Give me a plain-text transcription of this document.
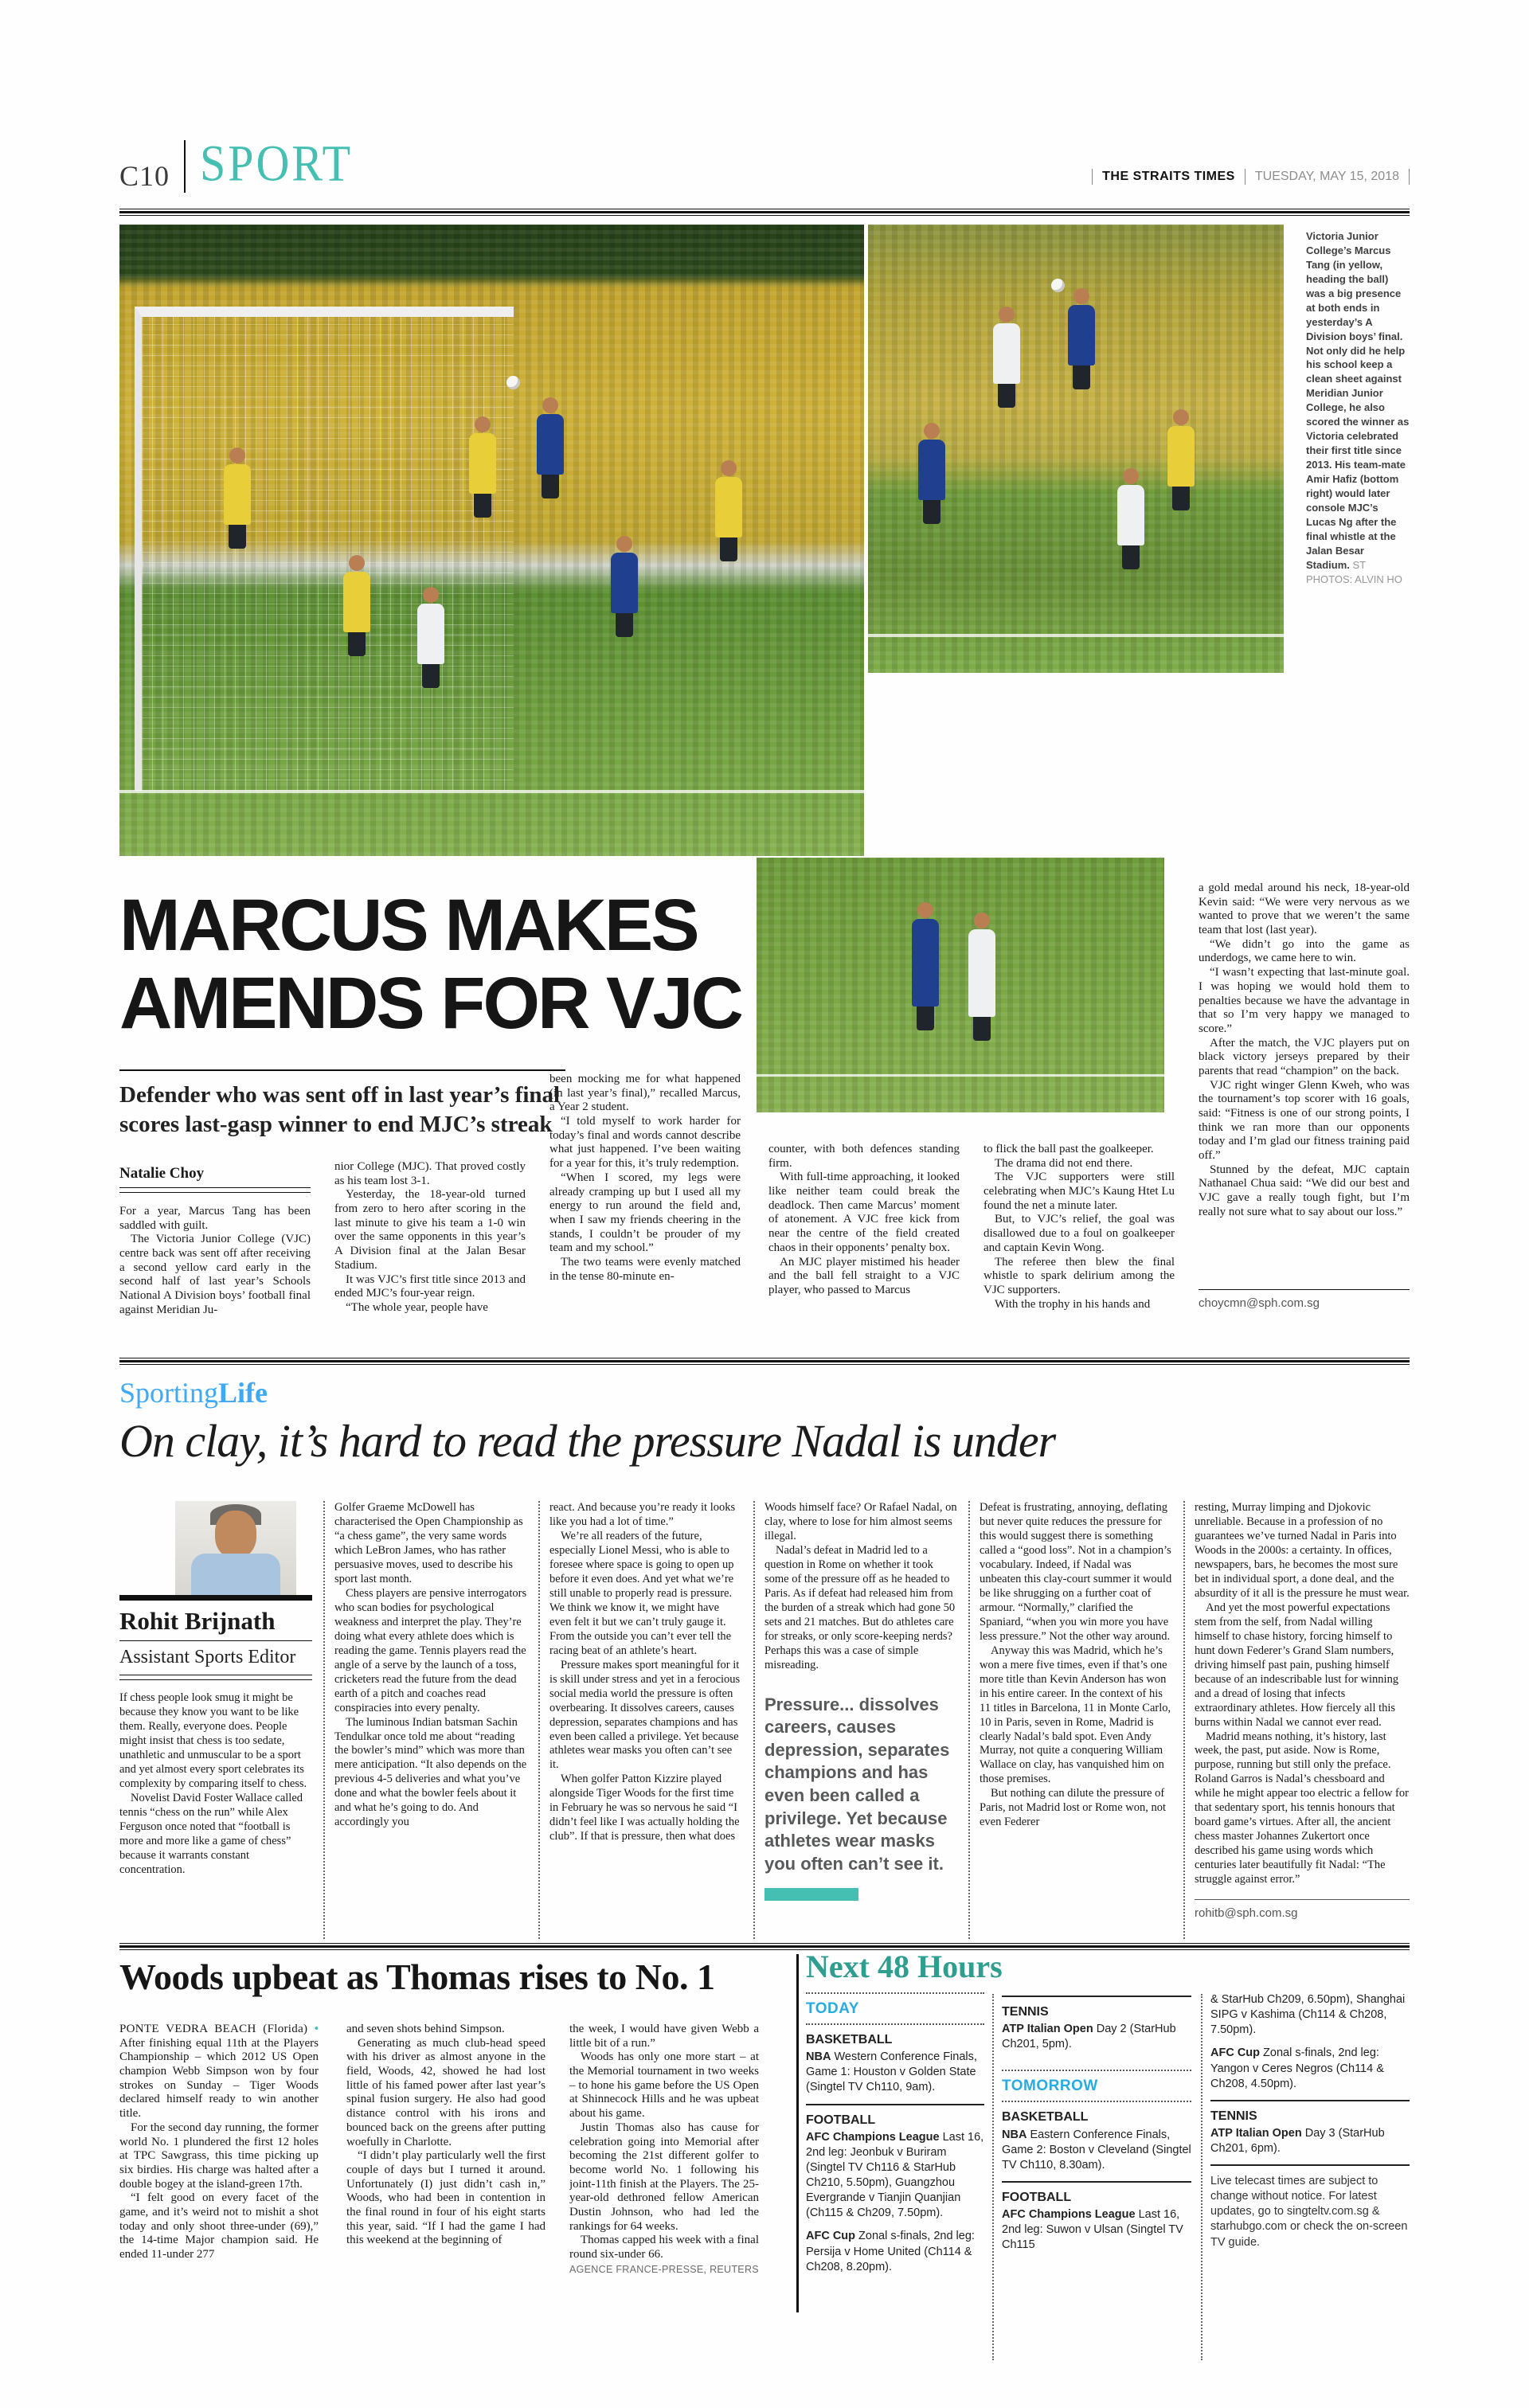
C10 SPORT	THE STRAITS TIMES TUESDAY, MAY 15, 2018
Victoria Junior College’s Marcus Tang (in yellow, heading the ball) was a big presence at both ends in yesterday’s A Division boys’ final. Not only did he help his school keep a clean sheet against Meridian Junior College, he also scored the winner as Victoria celebrated their first title since 2013. His team-mate Amir Hafiz (bottom right) would later console MJC’s Lucas Ng after the final whistle at the Jalan Besar Stadium. ST PHOTOS: ALVIN HO
MARCUS MAKES
AMENDS FOR VJC
Defender who was sent off in last year’s final scores last-gasp winner to end MJC’s streak
Natalie Choy

For a year, Marcus Tang has been saddled with guilt.

The Victoria Junior College (VJC) centre back was sent off after receiving a second yellow card early in the second half of last year’s Schools National A Division boys’ football final against Meridian Ju-

nior College (MJC). That proved costly as his team lost 3-1.

Yesterday, the 18-year-old turned from zero to hero after scoring in the last minute to give his team a 1-0 win over the same opponents in this year’s A Division final at the Jalan Besar Stadium.

It was VJC’s first title since 2013 and ended MJC’s four-year reign.

“The whole year, people have

been mocking me for what happened (in last year’s final),” recalled Marcus, a Year 2 student.

“I told myself to work harder for today’s final and words cannot describe what just happened. I’ve been waiting for a year for this, it’s truly redemption.

“When I scored, my legs were already cramping up but I used all my energy to run around the field and, when I saw my friends cheering in the stands, I couldn’t be prouder of my team and my school.”

The two teams were evenly matched in the tense 80-minute en-

counter, with both defences standing firm.

With full-time approaching, it looked like neither team could break the deadlock. Then came Marcus’ moment of atonement. A VJC free kick from near the centre of the field created chaos in their opponents’ penalty box.

An MJC player mistimed his header and the ball fell straight to a VJC player, who passed to Marcus

to flick the ball past the goalkeeper.

The drama did not end there.

The VJC supporters were still celebrating when MJC’s Kaung Htet Lu found the net a minute later.

But, to VJC’s relief, the goal was disallowed due to a foul on goalkeeper and captain Kevin Wong.

The referee then blew the final whistle to spark delirium among the VJC supporters.

With the trophy in his hands and

a gold medal around his neck, 18-year-old Kevin said: “We were very nervous as we wanted to prove that we weren’t the same team that lost (last year).

“We didn’t go into the game as underdogs, we came here to win.

“I wasn’t expecting that last-minute goal. I was hoping we would hold them to penalties because we have the advantage in that so I’m very happy we managed to score.”

After the match, the VJC players put on black victory jerseys prepared by their parents that read “champion” on the back.

VJC right winger Glenn Kweh, who was the tournament’s top scorer with 16 goals, said: “Fitness is one of our strong points, I think we ran more than our opponents today and I’m glad our fitness training paid off.”

Stunned by the defeat, MJC captain Nathanael Chua said: “We did our best and VJC gave a really tough fight, but I’m really not sure what to say about our loss.”

choycmn@sph.com.sg
SportingLife
On clay, it’s hard to read the pressure Nadal is under
Rohit Brijnath
Assistant Sports Editor

If chess people look smug it might be because they know you want to be like them. Really, everyone does. People might insist that chess is too sedate, unathletic and unmuscular to be a sport and yet almost every sport celebrates its complexity by comparing itself to chess.

Novelist David Foster Wallace called tennis “chess on the run” while Alex Ferguson once noted that “football is more and more like a game of chess” because it warrants constant concentration.

Golfer Graeme McDowell has characterised the Open Championship as “a chess game”, the very same words which LeBron James, who has rather persuasive moves, used to describe his sport last month.

Chess players are pensive interrogators who scan bodies for psychological weakness and interpret the play. They’re doing what every athlete does which is reading the game. Tennis players read the angle of a serve by the launch of a toss, cricketers read the future from the dead earth of a pitch and coaches read conspiracies into every penalty.

The luminous Indian batsman Sachin Tendulkar once told me about “reading the bowler’s mind” which was more than mere anticipation. “It also depends on the previous 4-5 deliveries and what you’ve done and what the bowler feels about it and what he’s going to do. And accordingly you

react. And because you’re ready it looks like you had a lot of time.”

We’re all readers of the future, especially Lionel Messi, who is able to foresee where space is going to open up before it even does. And yet what we’re still unable to properly read is pressure. We think we know it, we might have even felt it but we can’t truly gauge it. From the outside you can’t ever tell the racing beat of an athlete’s heart.

Pressure makes sport meaningful for it is skill under stress and yet in a ferocious social media world the pressure is often overbearing. It dissolves careers, causes depression, separates champions and has even been called a privilege. Yet because athletes wear masks you often can’t see it.

When golfer Patton Kizzire played alongside Tiger Woods for the first time in February he was so nervous he said “I didn’t feel like I was actually holding the club”. If that is pressure, then what does

Woods himself face? Or Rafael Nadal, on clay, where to lose for him almost seems illegal.

Nadal’s defeat in Madrid led to a question in Rome on whether it took some of the pressure off as he headed to Paris. As if defeat had released him from the burden of a streak which had gone 50 sets and 21 matches. But do athletes care for streaks, or only score-keeping nerds? Perhaps this was a case of simple misreading.

Pressure... dissolves careers, causes depression, separates champions and has even been called a privilege. Yet because athletes wear masks you often can’t see it.

Defeat is frustrating, annoying, deflating but never quite reduces the pressure for this would suggest there is something called a “good loss”. Not in a champion’s vocabulary. Indeed, if Nadal was unbeaten this clay-court summer it would be like shrugging on a further coat of armour. “Normally,” clarified the Spaniard, “when you win more you have less pressure.” Not the other way around.

Anyway this was Madrid, which he’s won a mere five times, even if that’s one more title than Kevin Anderson has won in his entire career. In the context of his 11 titles in Barcelona, 11 in Monte Carlo, 10 in Paris, seven in Rome, Madrid is clearly Nadal’s bald spot. Even Andy Murray, not quite a conquering William Wallace on clay, has vanquished him on those premises.

But nothing can dilute the pressure of Paris, not Madrid lost or Rome won, not even Federer

resting, Murray limping and Djokovic unreliable. Because in a profession of no guarantees we’ve turned Nadal in Paris into Woods in the 2000s: a certainty. In offices, newspapers, bars, he becomes the most sure bet in individual sport, a done deal, and the absurdity of it all is the pressure he must wear.

And yet the most powerful expectations stem from the self, from Nadal willing himself to chase history, forcing himself to hunt down Federer’s Grand Slam numbers, driving himself past pain, pushing himself because of an indescribable lust for winning and a dread of losing that infects extraordinary athletes. How fiercely all this burns within Nadal we cannot ever read.

Madrid means nothing, it’s history, last week, the past, put aside. Now is Rome, purpose, running but still only the preface. Roland Garros is Nadal’s chessboard and while he might appear too electric a fellow for that sedentary sport, his tennis honours that board game’s virtues. After all, the ancient chess master Johannes Zukertort once described his game using words which centuries later beautifully fit Nadal: “The struggle against error.”

rohitb@sph.com.sg
Woods upbeat as Thomas rises to No. 1

PONTE VEDRA BEACH (Florida) • After finishing equal 11th at the Players Championship – which 2012 US Open champion Webb Simpson won by four strokes on Sunday – Tiger Woods declared himself ready to win another title.

For the second day running, the former world No. 1 plundered the first 12 holes at TPC Sawgrass, this time picking up six birdies. His charge was halted after a double bogey at the island-green 17th.

“I felt good on every facet of the game, and it’s weird not to mishit a shot today and only shoot three-under (69),” the 14-time Major champion said. He ended 11-under 277

and seven shots behind Simpson.

Generating as much club-head speed with his driver as almost anyone in the field, Woods, 42, showed he had lost little of his famed power after last year’s spinal fusion surgery. He also had good distance control with his irons and bounced back on the greens after putting woefully in Charlotte.

“I didn’t play particularly well the first couple of days but I turned it around. Unfortunately (I) just didn’t cash in,” Woods, who had been in contention in the final round in four of his eight starts this year, said. “If I had the game I had this weekend at the beginning of

the week, I would have given Webb a little bit of a run.”

Woods has only one more start – at the Memorial tournament in two weeks – to hone his game before the US Open at Shinnecock Hills and he was upbeat about his game.

Justin Thomas also has cause for celebration going into Memorial after becoming the 21st different golfer to become world No. 1 following his joint-11th finish at the Players. The 25-year-old dethroned fellow American Dustin Johnson, who had led the rankings for 64 weeks.

Thomas capped his week with a final round six-under 66.

AGENCE FRANCE-PRESSE, REUTERS
Next 48 Hours
TODAY
BASKETBALL

NBA Western Conference Finals, Game 1: Houston v Golden State (Singtel TV Ch110, 9am).

FOOTBALL

AFC Champions League Last 16, 2nd leg: Jeonbuk v Buriram (Singtel TV Ch116 & StarHub Ch210, 5.50pm), Guangzhou Evergrande v Tianjin Quanjian (Ch115 & Ch209, 7.50pm).

AFC Cup Zonal s-finals, 2nd leg: Persija v Home United (Ch114 & Ch208, 8.20pm).

TENNIS

ATP Italian Open Day 2 (StarHub Ch201, 5pm).

TOMORROW
BASKETBALL

NBA Eastern Conference Finals, Game 2: Boston v Cleveland (Singtel TV Ch110, 8.30am).

FOOTBALL

AFC Champions League Last 16, 2nd leg: Suwon v Ulsan (Singtel TV Ch115

& StarHub Ch209, 6.50pm), Shanghai SIPG v Kashima (Ch114 & Ch208, 7.50pm).

AFC Cup Zonal s-finals, 2nd leg: Yangon v Ceres Negros (Ch114 & Ch208, 4.50pm).

TENNIS

ATP Italian Open Day 3 (StarHub Ch201, 6pm).

Live telecast times are subject to change without notice. For latest updates, go to singteltv.com.sg & starhubgo.com or check the on-screen TV guide.
